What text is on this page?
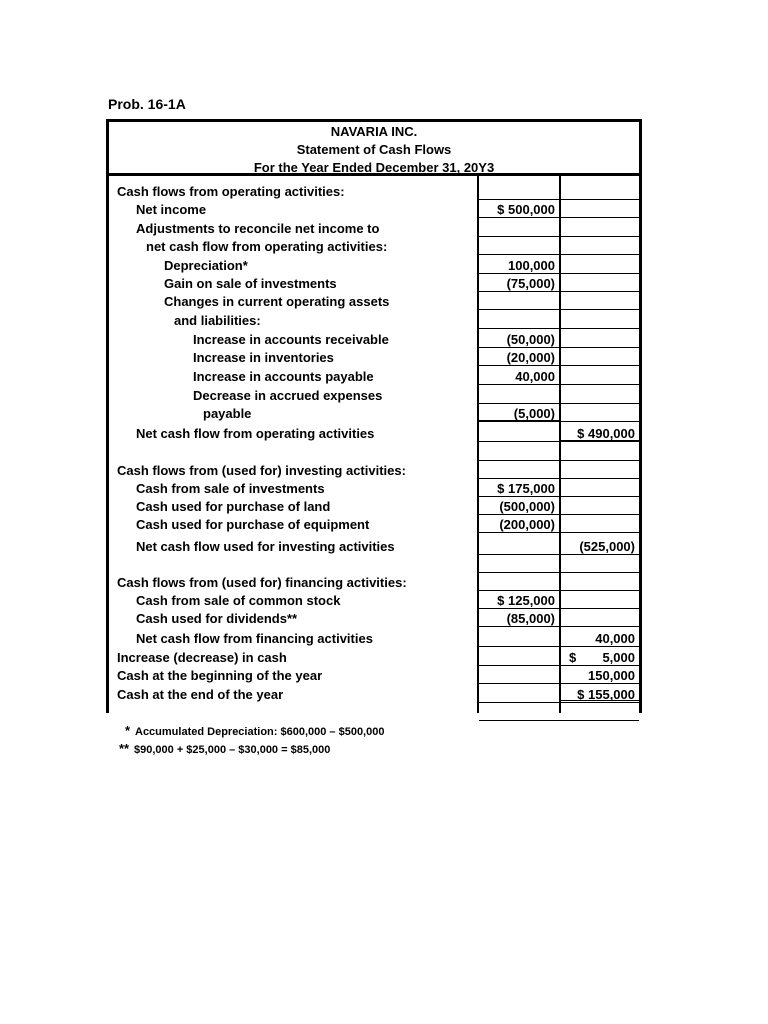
Prob. 16-1A
NAVARIA INC.
Statement of Cash Flows
For the Year Ended December 31, 20Y3
Cash flows from operating activities:
Net income	$ 500,000
Adjustments to reconcile net income to
net cash flow from operating activities:
Depreciation*	100,000
Gain on sale of investments	(75,000)
Changes in current operating assets
and liabilities:
Increase in accounts receivable	(50,000)
Increase in inventories	(20,000)
Increase in accounts payable	40,000
Decrease in accrued expenses
payable	(5,000)
Net cash flow from operating activities	$ 490,000
Cash flows from (used for) investing activities:
Cash from sale of investments	$ 175,000
Cash used for purchase of land	(500,000)
Cash used for purchase of equipment	(200,000)
Net cash flow used for investing activities	(525,000)
Cash flows from (used for) financing activities:
Cash from sale of common stock	$ 125,000
Cash used for dividends**	(85,000)
Net cash flow from financing activities	40,000
Increase (decrease) in cash	$ 5,000
Cash at the beginning of the year	150,000
Cash at the end of the year	$ 155,000
* Accumulated Depreciation: $600,000 – $500,000
** $90,000 + $25,000 – $30,000 = $85,000
